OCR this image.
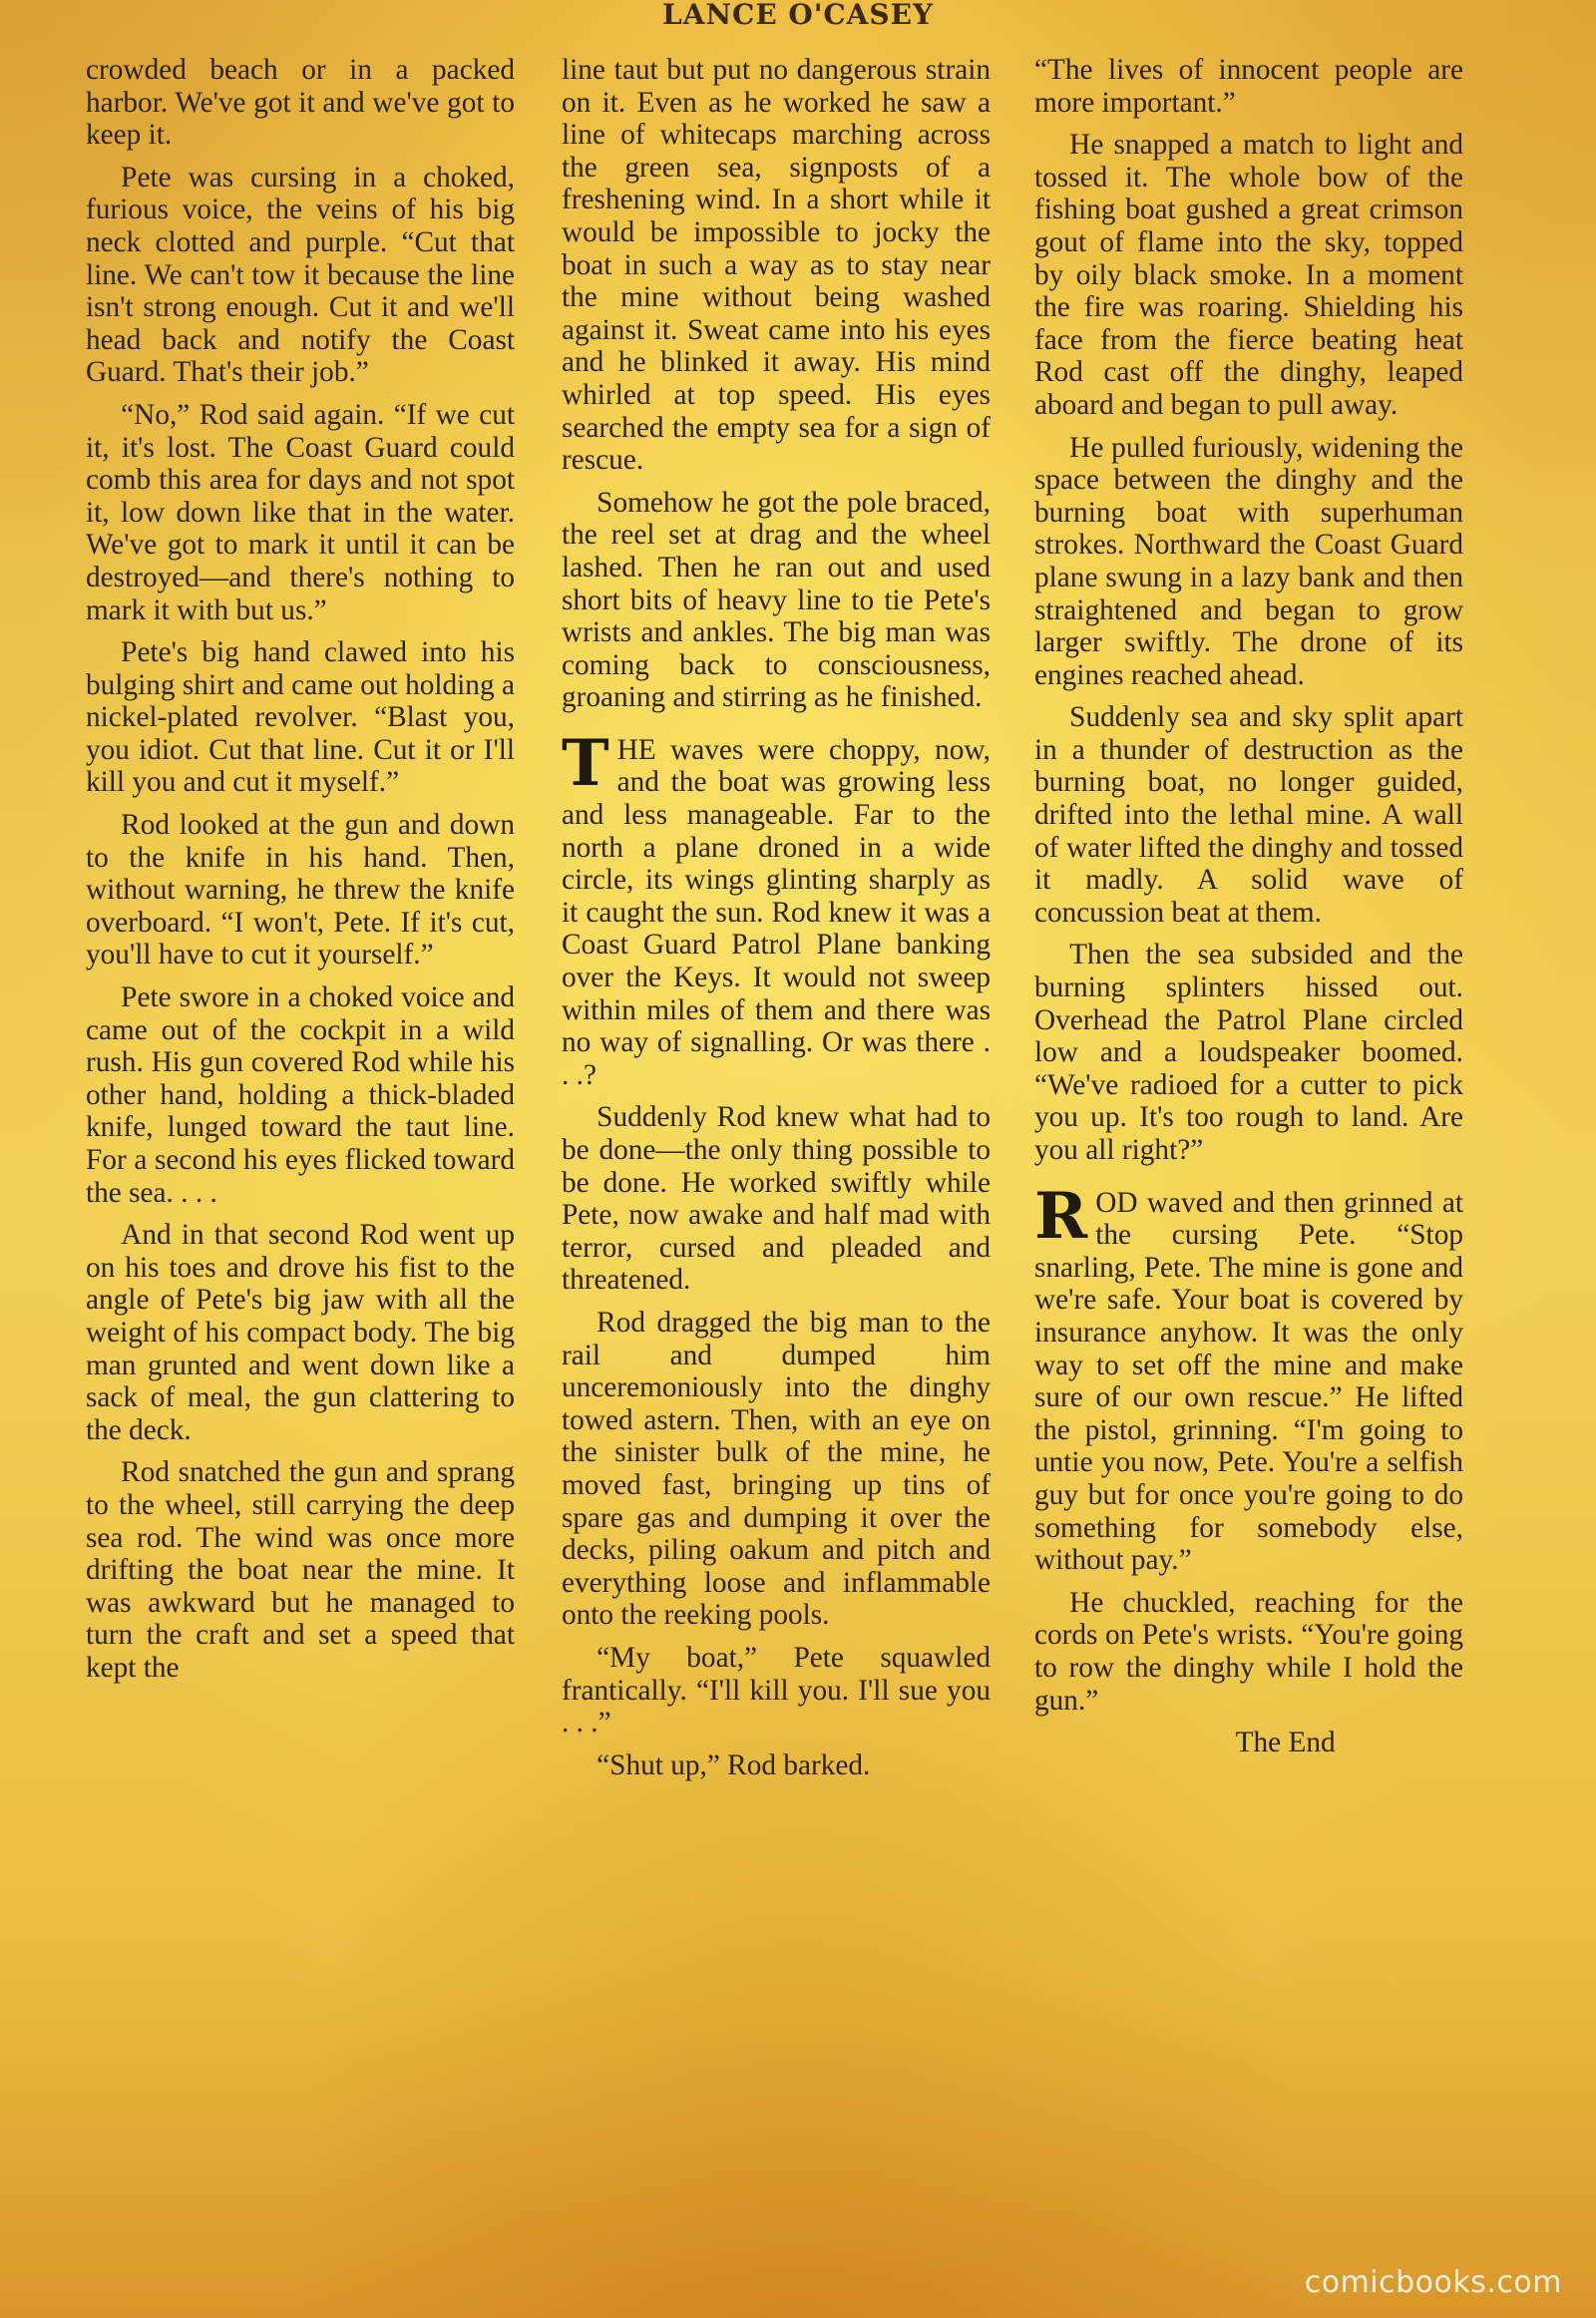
LANCE O'CASEY

crowded beach or in a packed harbor. We've got it and we've got to keep it.

Pete was cursing in a choked, furious voice, the veins of his big neck clotted and purple. “Cut that line. We can't tow it because the line isn't strong enough. Cut it and we'll head back and notify the Coast Guard. That's their job.”

“No,” Rod said again. “If we cut it, it's lost. The Coast Guard could comb this area for days and not spot it, low down like that in the water. We've got to mark it until it can be destroyed—and there's nothing to mark it with but us.”

Pete's big hand clawed into his bulging shirt and came out holding a nickel-plated revolver. “Blast you, you idiot. Cut that line. Cut it or I'll kill you and cut it myself.”

Rod looked at the gun and down to the knife in his hand. Then, without warning, he threw the knife overboard. “I won't, Pete. If it's cut, you'll have to cut it yourself.”

Pete swore in a choked voice and came out of the cockpit in a wild rush. His gun covered Rod while his other hand, holding a thick-bladed knife, lunged toward the taut line. For a second his eyes flicked toward the sea. . . .

And in that second Rod went up on his toes and drove his fist to the angle of Pete's big jaw with all the weight of his compact body. The big man grunted and went down like a sack of meal, the gun clattering to the deck.

Rod snatched the gun and sprang to the wheel, still carrying the deep sea rod. The wind was once more drifting the boat near the mine. It was awkward but he managed to turn the craft and set a speed that kept the

line taut but put no dangerous strain on it. Even as he worked he saw a line of whitecaps marching across the green sea, signposts of a freshening wind. In a short while it would be impossible to jocky the boat in such a way as to stay near the mine without being washed against it. Sweat came into his eyes and he blinked it away. His mind whirled at top speed. His eyes searched the empty sea for a sign of rescue.

Somehow he got the pole braced, the reel set at drag and the wheel lashed. Then he ran out and used short bits of heavy line to tie Pete's wrists and ankles. The big man was coming back to consciousness, groaning and stirring as he finished.

THE waves were choppy, now, and the boat was growing less and less manageable. Far to the north a plane droned in a wide circle, its wings glinting sharply as it caught the sun. Rod knew it was a Coast Guard Patrol Plane banking over the Keys. It would not sweep within miles of them and there was no way of signalling. Or was there . . .?

Suddenly Rod knew what had to be done—the only thing possible to be done. He worked swiftly while Pete, now awake and half mad with terror, cursed and pleaded and threatened.

Rod dragged the big man to the rail and dumped him unceremoniously into the dinghy towed astern. Then, with an eye on the sinister bulk of the mine, he moved fast, bringing up tins of spare gas and dumping it over the decks, piling oakum and pitch and everything loose and inflammable onto the reeking pools.

“My boat,” Pete squawled frantically. “I'll kill you. I'll sue you . . .”

“Shut up,” Rod barked.

“The lives of innocent people are more important.”

He snapped a match to light and tossed it. The whole bow of the fishing boat gushed a great crimson gout of flame into the sky, topped by oily black smoke. In a moment the fire was roaring. Shielding his face from the fierce beating heat Rod cast off the dinghy, leaped aboard and began to pull away.

He pulled furiously, widening the space between the dinghy and the burning boat with superhuman strokes. Northward the Coast Guard plane swung in a lazy bank and then straightened and began to grow larger swiftly. The drone of its engines reached ahead.

Suddenly sea and sky split apart in a thunder of destruction as the burning boat, no longer guided, drifted into the lethal mine. A wall of water lifted the dinghy and tossed it madly. A solid wave of concussion beat at them.

Then the sea subsided and the burning splinters hissed out. Overhead the Patrol Plane circled low and a loudspeaker boomed. “We've radioed for a cutter to pick you up. It's too rough to land. Are you all right?”

ROD waved and then grinned at the cursing Pete. “Stop snarling, Pete. The mine is gone and we're safe. Your boat is covered by insurance anyhow. It was the only way to set off the mine and make sure of our own rescue.” He lifted the pistol, grinning. “I'm going to untie you now, Pete. You're a selfish guy but for once you're going to do something for somebody else, without pay.”

He chuckled, reaching for the cords on Pete's wrists. “You're going to row the dinghy while I hold the gun.”

The End

comicbooks.com
